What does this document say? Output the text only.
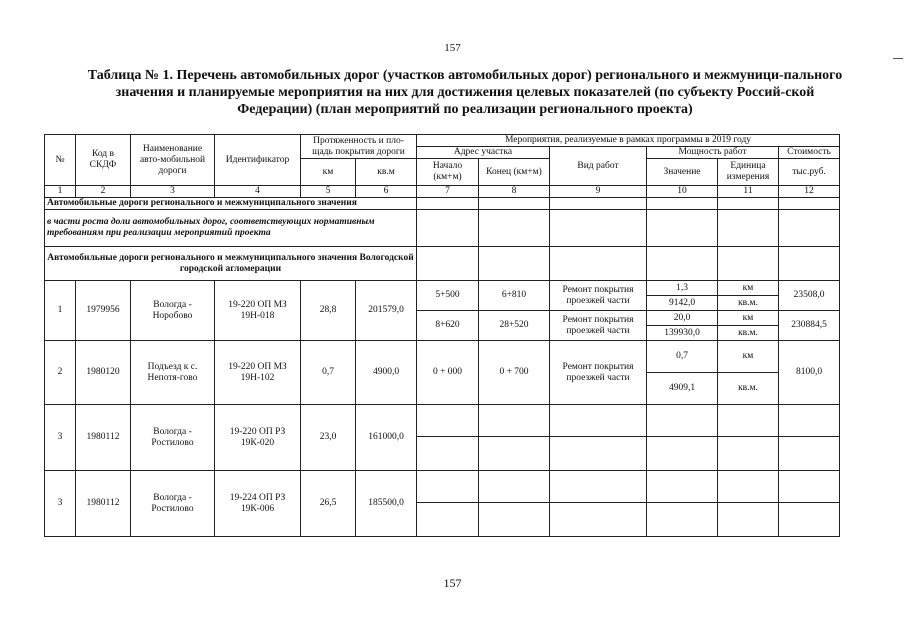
157
Таблица № 1. Перечень автомобильных дорог (участков автомобильных дорог) регионального и межмуници-пального значения и планируемые мероприятия на них для достижения целевых показателей (по субъекту Россий-ской Федерации) (план мероприятий по реализации регионального проекта)
№	Код в СКДФ	Наименование авто-мобильной дороги	Идентификатор	Протяженность и пло-щадь покрытия дороги		Мероприятия, реализуемые в рамках программы в 2019 году					
						Адрес участка		Вид работ	Мощность работ		Стоимость
				км	кв.м	Начало (км+м)	Конец (км+м)		Значение	Единица измерения	тыс.руб.
1	2	3	4	5	6	7	8	9	10	11	12
Автомобильные дороги регионального и межмуниципального значения											
в части роста доли автомобильных дорог, соответствующих нормативным требованиям при реализации мероприятий проекта											
Автомобильные дороги регионального и межмуниципального значения Вологодской городской агломерации											
1	1979956	Вологда - Норобово	19-220 ОП МЗ 19Н-018	28,8	201579,0	5+500	6+810	Ремонт покрытия проезжей части	1,3	км	23508,0
									9142,0	кв.м.	
						8+620	28+520	Ремонт покрытия проезжей части	20,0	км	230884,5
									139930,0	кв.м.	
2	1980120	Подъезд к с. Непотя-гово	19-220 ОП МЗ 19Н-102	0,7	4900,0	0 + 000	0 + 700	Ремонт покрытия проезжей части	0,7	км	8100,0
									4909,1	кв.м.	
3	1980112	Вологда - Ростилово	19-220 ОП РЗ 19К-020	23,0	161000,0						

3	1980112	Вологда - Ростилово	19-224 ОП РЗ 19К-006	26,5	185500,0						

157
